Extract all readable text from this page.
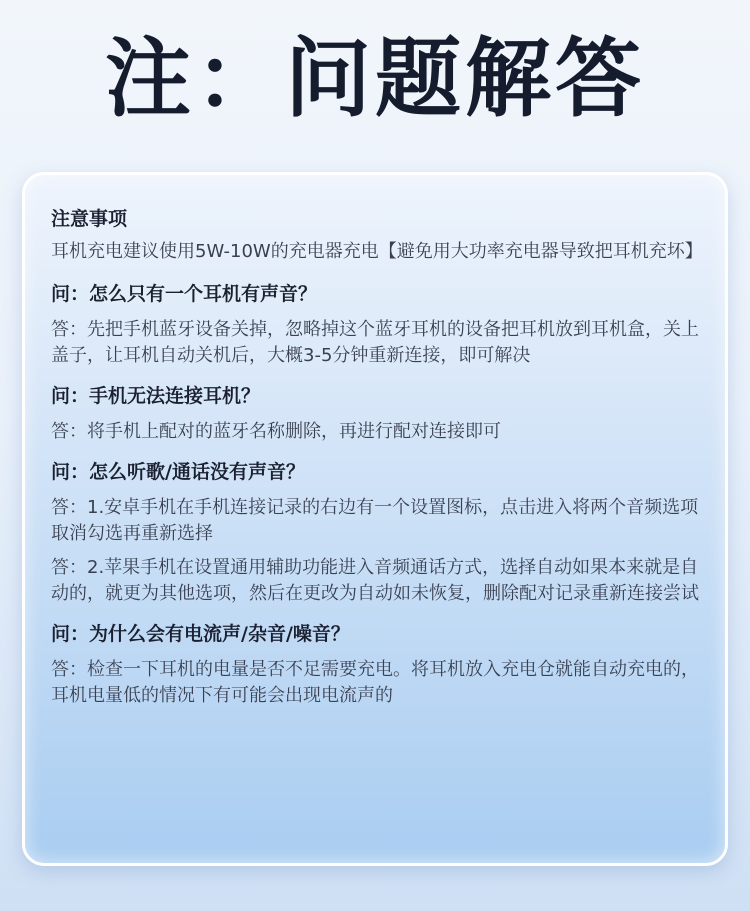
注：问题解答
注意事项
耳机充电建议使用5W-10W的充电器充电【避免用大功率充电器导致把耳机充坏】
问：怎么只有一个耳机有声音？
答：先把手机蓝牙设备关掉，忽略掉这个蓝牙耳机的设备把耳机放到耳机盒，关上盖子，让耳机自动关机后，大概3-5分钟重新连接，即可解决
问：手机无法连接耳机？
答：将手机上配对的蓝牙名称删除，再进行配对连接即可
问：怎么听歌/通话没有声音？
答：1.安卓手机在手机连接记录的右边有一个设置图标，点击进入将两个音频选项取消勾选再重新选择
答：2.苹果手机在设置通用辅助功能进入音频通话方式，选择自动如果本来就是自动的，就更为其他选项，然后在更改为自动如未恢复，删除配对记录重新连接尝试
问：为什么会有电流声/杂音/噪音？
答：检查一下耳机的电量是否不足需要充电。将耳机放入充电仓就能自动充电的，耳机电量低的情况下有可能会出现电流声的
